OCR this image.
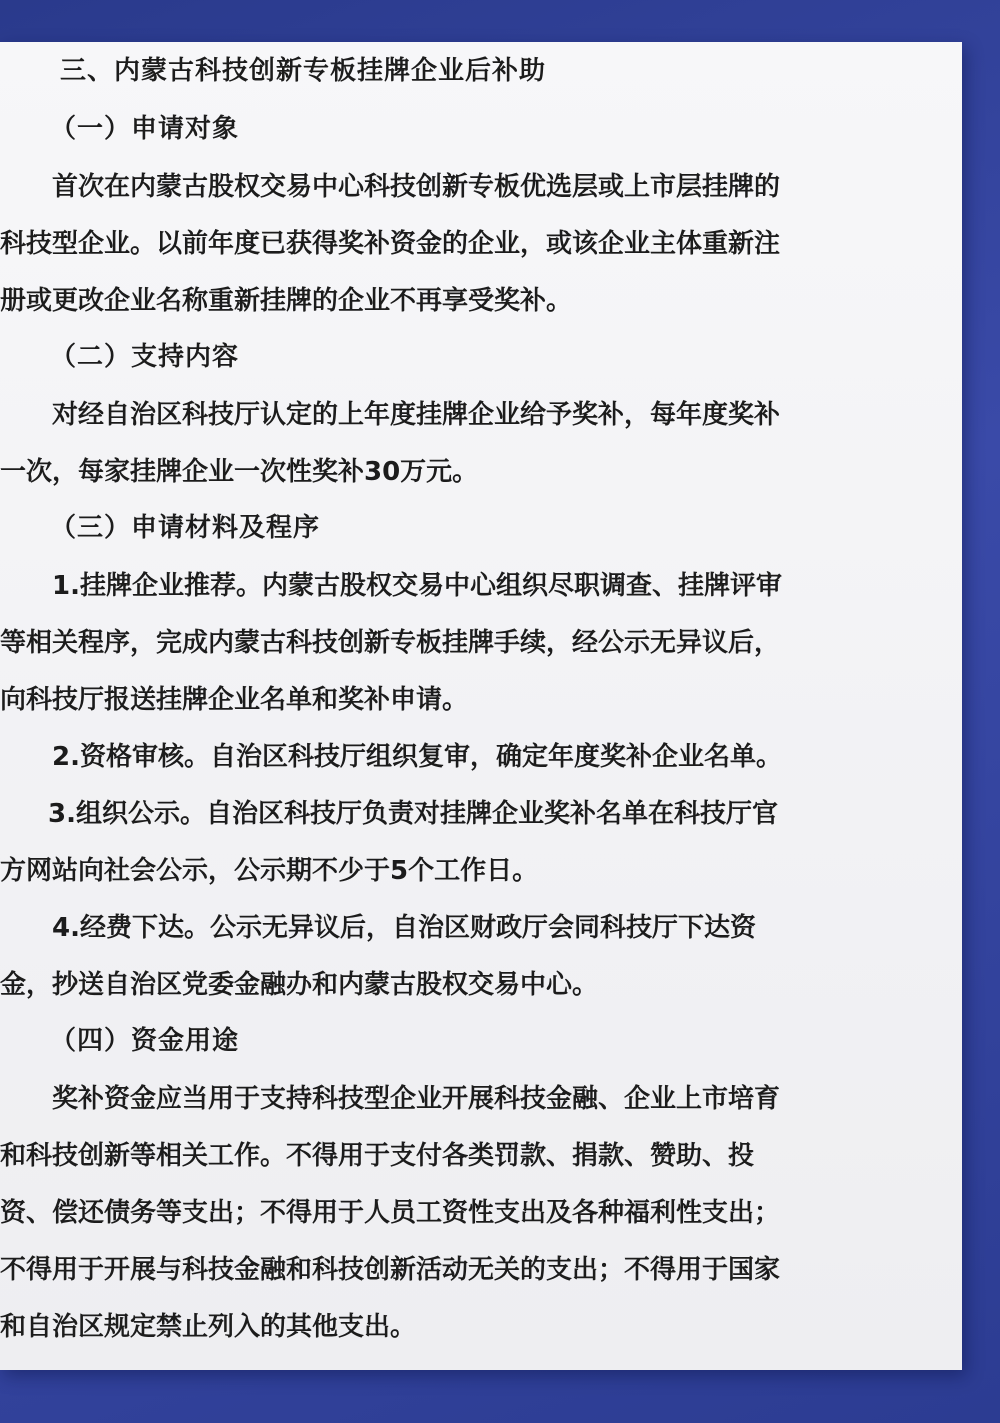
三、内蒙古科技创新专板挂牌企业后补助

（一）申请对象

首次在内蒙古股权交易中心科技创新专板优选层或上市层挂牌的

科技型企业。以前年度已获得奖补资金的企业，或该企业主体重新注

册或更改企业名称重新挂牌的企业不再享受奖补。

（二）支持内容

对经自治区科技厅认定的上年度挂牌企业给予奖补，每年度奖补

一次，每家挂牌企业一次性奖补30万元。

（三）申请材料及程序

1.挂牌企业推荐。内蒙古股权交易中心组织尽职调查、挂牌评审

等相关程序，完成内蒙古科技创新专板挂牌手续，经公示无异议后，

向科技厅报送挂牌企业名单和奖补申请。

2.资格审核。自治区科技厅组织复审，确定年度奖补企业名单。

3.组织公示。自治区科技厅负责对挂牌企业奖补名单在科技厅官

方网站向社会公示，公示期不少于5个工作日。

4.经费下达。公示无异议后，自治区财政厅会同科技厅下达资

金，抄送自治区党委金融办和内蒙古股权交易中心。

（四）资金用途

奖补资金应当用于支持科技型企业开展科技金融、企业上市培育

和科技创新等相关工作。不得用于支付各类罚款、捐款、赞助、投

资、偿还债务等支出；不得用于人员工资性支出及各种福利性支出；

不得用于开展与科技金融和科技创新活动无关的支出；不得用于国家

和自治区规定禁止列入的其他支出。
